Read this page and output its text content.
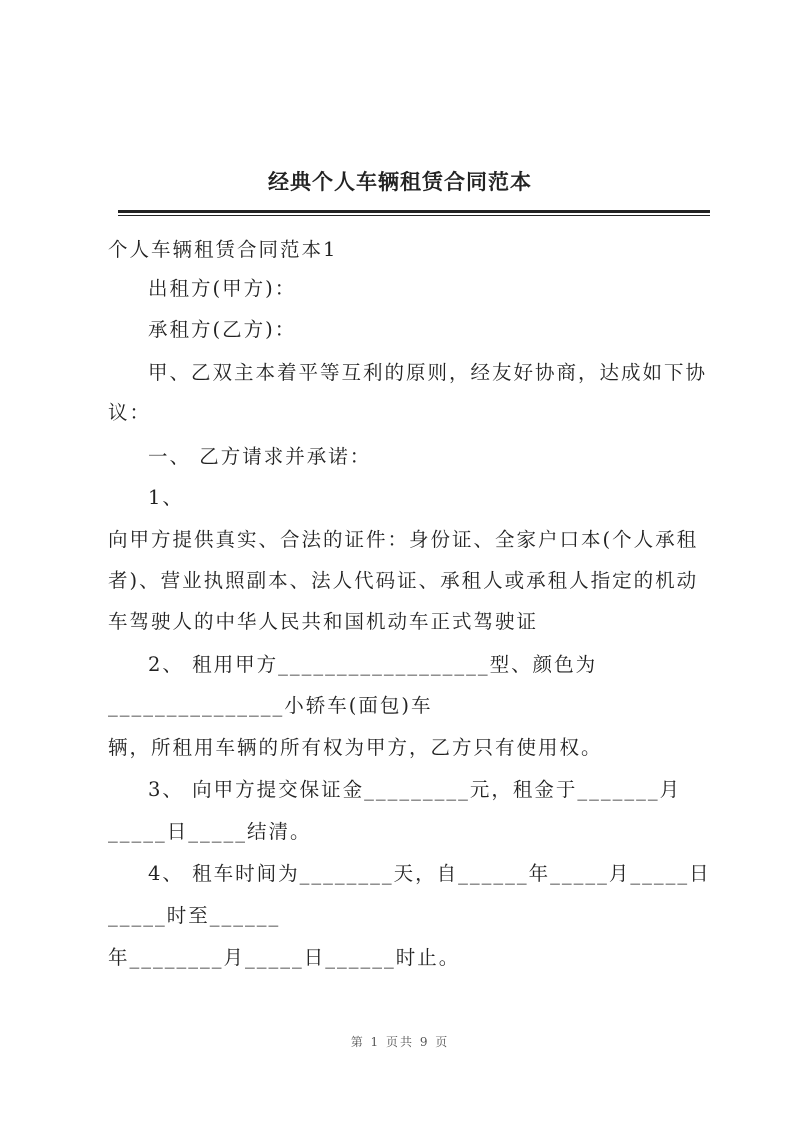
经典个人车辆租赁合同范本
个人车辆租赁合同范本1
出租方(甲方)：
承租方(乙方)：
甲、乙双主本着平等互利的原则，经友好协商，达成如下协
议：
一、 乙方请求并承诺：
1、
向甲方提供真实、合法的证件：身份证、全家户口本(个人承租
者)、营业执照副本、法人代码证、承租人或承租人指定的机动
车驾驶人的中华人民共和国机动车正式驾驶证
2、 租用甲方__________________型、颜色为
_______________小轿车(面包)车
辆，所租用车辆的所有权为甲方，乙方只有使用权。
3、 向甲方提交保证金_________元，租金于_______月
_____日_____结清。
4、 租车时间为________天，自______年_____月_____日
_____时至______
年________月_____日______时止。
第 1 页共 9 页
